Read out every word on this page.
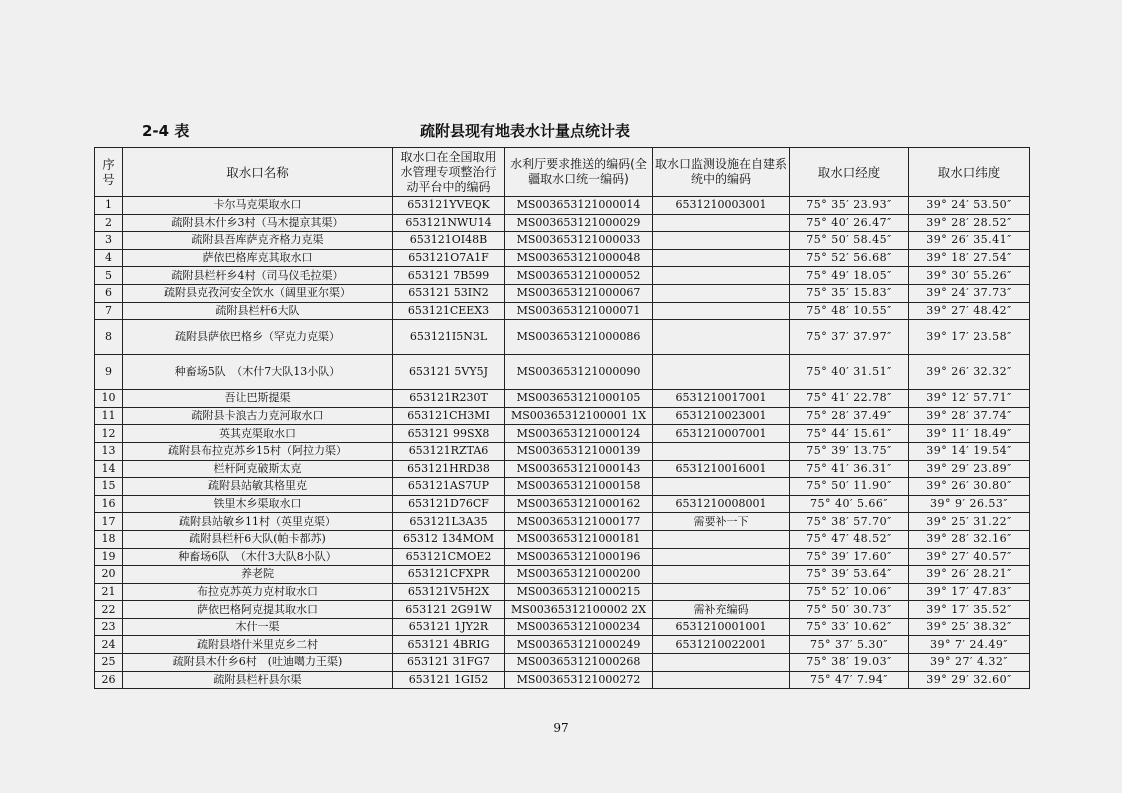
2-4 表	疏附县现有地表水计量点统计表
序号	取水口名称	取水口在全国取用水管理专项整治行动平台中的编码	水利厅要求推送的编码(全疆取水口统一编码)	取水口监测设施在自建系统中的编码	取水口经度	取水口纬度
1	卡尔马克渠取水口	653121YVEQK	MS003653121000014	6531210003001	75° 35′ 23.93″	39° 24′ 53.50″
2	疏附县木什乡3村（马木提京其渠）	653121NWU14	MS003653121000029		75° 40′ 26.47″	39° 28′ 28.52″
3	疏附县吾库萨克齐格力克渠	653121OI48B	MS003653121000033		75° 50′ 58.45″	39° 26′ 35.41″
4	萨依巴格库克其取水口	653121O7A1F	MS003653121000048		75° 52′ 56.68″	39° 18′ 27.54″
5	疏附县栏杆乡4村（司马仪毛拉渠）	653121 7B599	MS003653121000052		75° 49′ 18.05″	39° 30′ 55.26″
6	疏附县克孜河安全饮水（阔里亚尔渠）	653121 53IN2	MS003653121000067		75° 35′ 15.83″	39° 24′ 37.73″
7	疏附县栏杆6大队	653121CEEX3	MS003653121000071		75° 48′ 10.55″	39° 27′ 48.42″
8	疏附县萨依巴格乡（罕克力克渠）	653121I5N3L	MS003653121000086		75° 37′ 37.97″	39° 17′ 23.58″
9	种畜场5队　（木什7大队13小队）	653121 5VY5J	MS003653121000090		75° 40′ 31.51″	39° 26′ 32.32″
10	吾让巴斯提渠	653121R230T	MS003653121000105	6531210017001	75° 41′ 22.78″	39° 12′ 57.71″
11	疏附县卡浪古力克河取水口	653121CH3MI	MS00365312100001 1X	6531210023001	75° 28′ 37.49″	39° 28′ 37.74″
12	英其克渠取水口	653121 99SX8	MS003653121000124	6531210007001	75° 44′ 15.61″	39° 11′ 18.49″
13	疏附县布拉克苏乡15村（阿拉力渠）	653121RZTA6	MS003653121000139		75° 39′ 13.75″	39° 14′ 19.54″
14	栏杆阿克破斯太克	653121HRD38	MS003653121000143	6531210016001	75° 41′ 36.31″	39° 29′ 23.89″
15	疏附县站敏其格里克	653121AS7UP	MS003653121000158		75° 50′ 11.90″	39° 26′ 30.80″
16	铁里木乡渠取水口	653121D76CF	MS003653121000162	6531210008001	75° 40′ 5.66″	39° 9′ 26.53″
17	疏附县站敏乡11村（英里克渠）	653121L3A35	MS003653121000177	需要补一下	75° 38′ 57.70″	39° 25′ 31.22″
18	疏附县栏杆6大队(帕卡都苏)	65312 134MOM	MS003653121000181		75° 47′ 48.52″	39° 28′ 32.16″
19	种畜场6队　（木什3大队8小队）	653121CMOE2	MS003653121000196		75° 39′ 17.60″	39° 27′ 40.57″
20	养老院	653121CFXPR	MS003653121000200		75° 39′ 53.64″	39° 26′ 28.21″
21	布拉克苏英力克村取水口	653121V5H2X	MS003653121000215		75° 52′ 10.06″	39° 17′ 47.83″
22	萨依巴格阿克提其取水口	653121 2G91W	MS00365312100002 2X	需补充编码	75° 50′ 30.73″	39° 17′ 35.52″
23	木什一渠	653121 1JY2R	MS003653121000234	6531210001001	75° 33′ 10.62″	39° 25′ 38.32″
24	疏附县塔什米里克乡二村	653121 4BRIG	MS003653121000249	6531210022001	75° 37′ 5.30″	39° 7′ 24.49″
25	疏附县木什乡6村　(吐迪噶力王渠)	653121 31FG7	MS003653121000268		75° 38′ 19.03″	39° 27′ 4.32″
26	疏附县栏杆县尔渠	653121 1GI52	MS003653121000272		75° 47′ 7.94″	39° 29′ 32.60″
97
